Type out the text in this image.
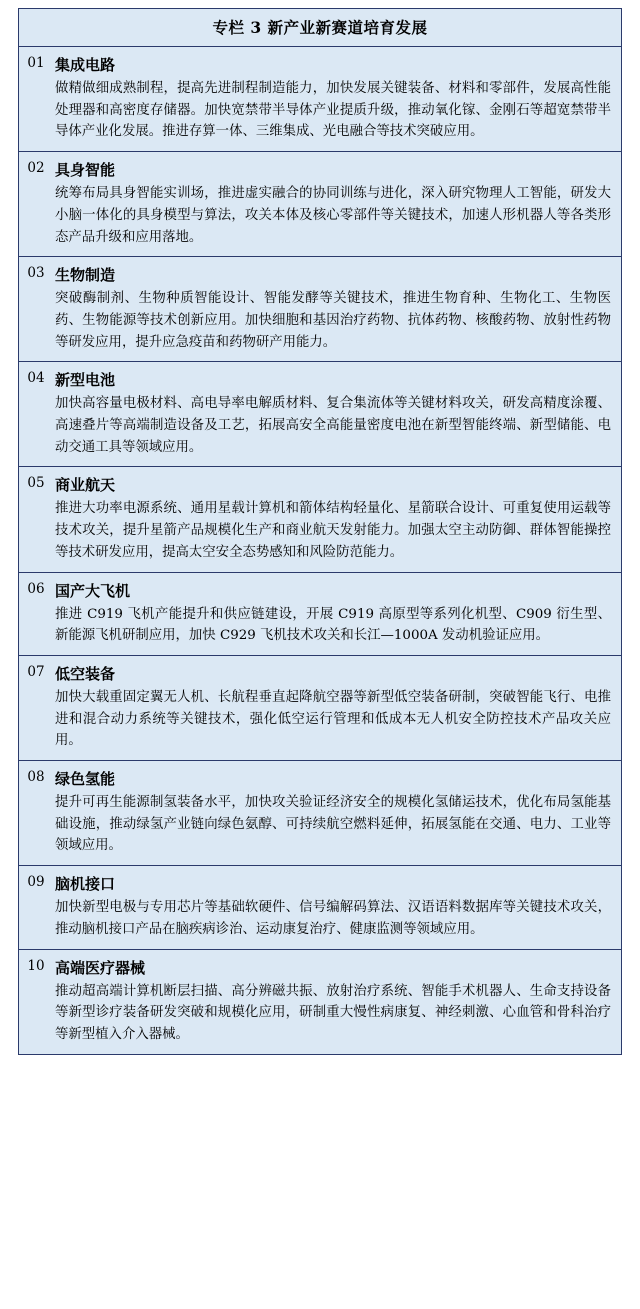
专栏 3 新产业新赛道培育发展
01 集成电路
做精做细成熟制程，提高先进制程制造能力，加快发展关键装备、材料和零部件，发展高性能处理器和高密度存储器。加快宽禁带半导体产业提质升级，推动氧化镓、金刚石等超宽禁带半导体产业化发展。推进存算一体、三维集成、光电融合等技术突破应用。
02 具身智能
统筹布局具身智能实训场，推进虚实融合的协同训练与进化，深入研究物理人工智能，研发大小脑一体化的具身模型与算法，攻关本体及核心零部件等关键技术，加速人形机器人等各类形态产品升级和应用落地。
03 生物制造
突破酶制剂、生物种质智能设计、智能发酵等关键技术，推进生物育种、生物化工、生物医药、生物能源等技术创新应用。加快细胞和基因治疗药物、抗体药物、核酸药物、放射性药物等研发应用，提升应急疫苗和药物研产用能力。
04 新型电池
加快高容量电极材料、高电导率电解质材料、复合集流体等关键材料攻关，研发高精度涂覆、高速叠片等高端制造设备及工艺，拓展高安全高能量密度电池在新型智能终端、新型储能、电动交通工具等领域应用。
05 商业航天
推进大功率电源系统、通用星载计算机和箭体结构轻量化、星箭联合设计、可重复使用运载等技术攻关，提升星箭产品规模化生产和商业航天发射能力。加强太空主动防御、群体智能操控等技术研发应用，提高太空安全态势感知和风险防范能力。
06 国产大飞机
推进 C919 飞机产能提升和供应链建设，开展 C919 高原型等系列化机型、C909 衍生型、新能源飞机研制应用，加快 C929 飞机技术攻关和长江—1000A 发动机验证应用。
07 低空装备
加快大载重固定翼无人机、长航程垂直起降航空器等新型低空装备研制，突破智能飞行、电推进和混合动力系统等关键技术，强化低空运行管理和低成本无人机安全防控技术产品攻关应用。
08 绿色氢能
提升可再生能源制氢装备水平，加快攻关验证经济安全的规模化氢储运技术，优化布局氢能基础设施，推动绿氢产业链向绿色氨醇、可持续航空燃料延伸，拓展氢能在交通、电力、工业等领域应用。
09 脑机接口
加快新型电极与专用芯片等基础软硬件、信号编解码算法、汉语语料数据库等关键技术攻关，推动脑机接口产品在脑疾病诊治、运动康复治疗、健康监测等领域应用。
10 高端医疗器械
推动超高端计算机断层扫描、高分辨磁共振、放射治疗系统、智能手术机器人、生命支持设备等新型诊疗装备研发突破和规模化应用，研制重大慢性病康复、神经刺激、心血管和骨科治疗等新型植入介入器械。
